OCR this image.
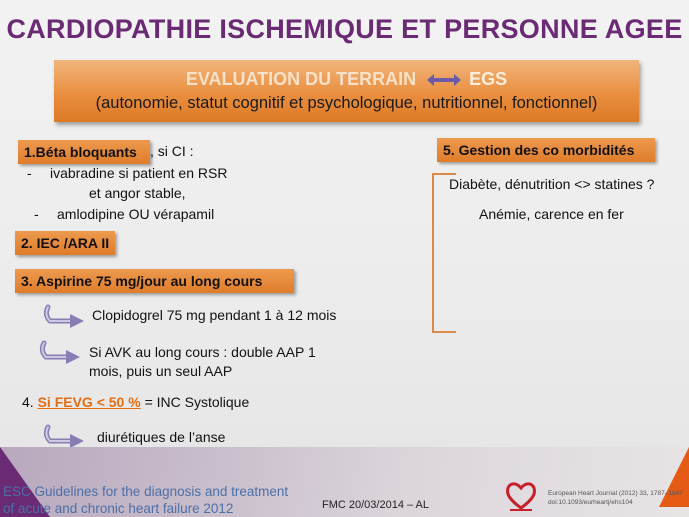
CARDIOPATHIE ISCHEMIQUE ET PERSONNE AGEE
EVALUATION DU TERRAIN	EGS
(autonomie, statut cognitif et psychologique, nutritionnel, fonctionnel)
1.Béta bloquants , si CI :
- ivabradine si patient en RSR
et angor stable,
- amlodipine OU vérapamil
2. IEC /ARA II
3. Aspirine 75 mg/jour au long cours
Clopidogrel 75 mg pendant 1 à 12 mois
Si AVK au long cours : double AAP 1
mois, puis un seul AAP
4. Si FEVG < 50 % = INC Systolique
diurétiques de l’anse
5. Gestion des co morbidités
Diabète, dénutrition <> statines ?
Anémie, carence en fer
ESC Guidelines for the diagnosis and treatment
of acute and chronic heart failure 2012	FMC 20/03/2014 – AL
European Heart Journal (2012) 33, 1787–1847
doi:10.1093/eurheartj/ehs104
